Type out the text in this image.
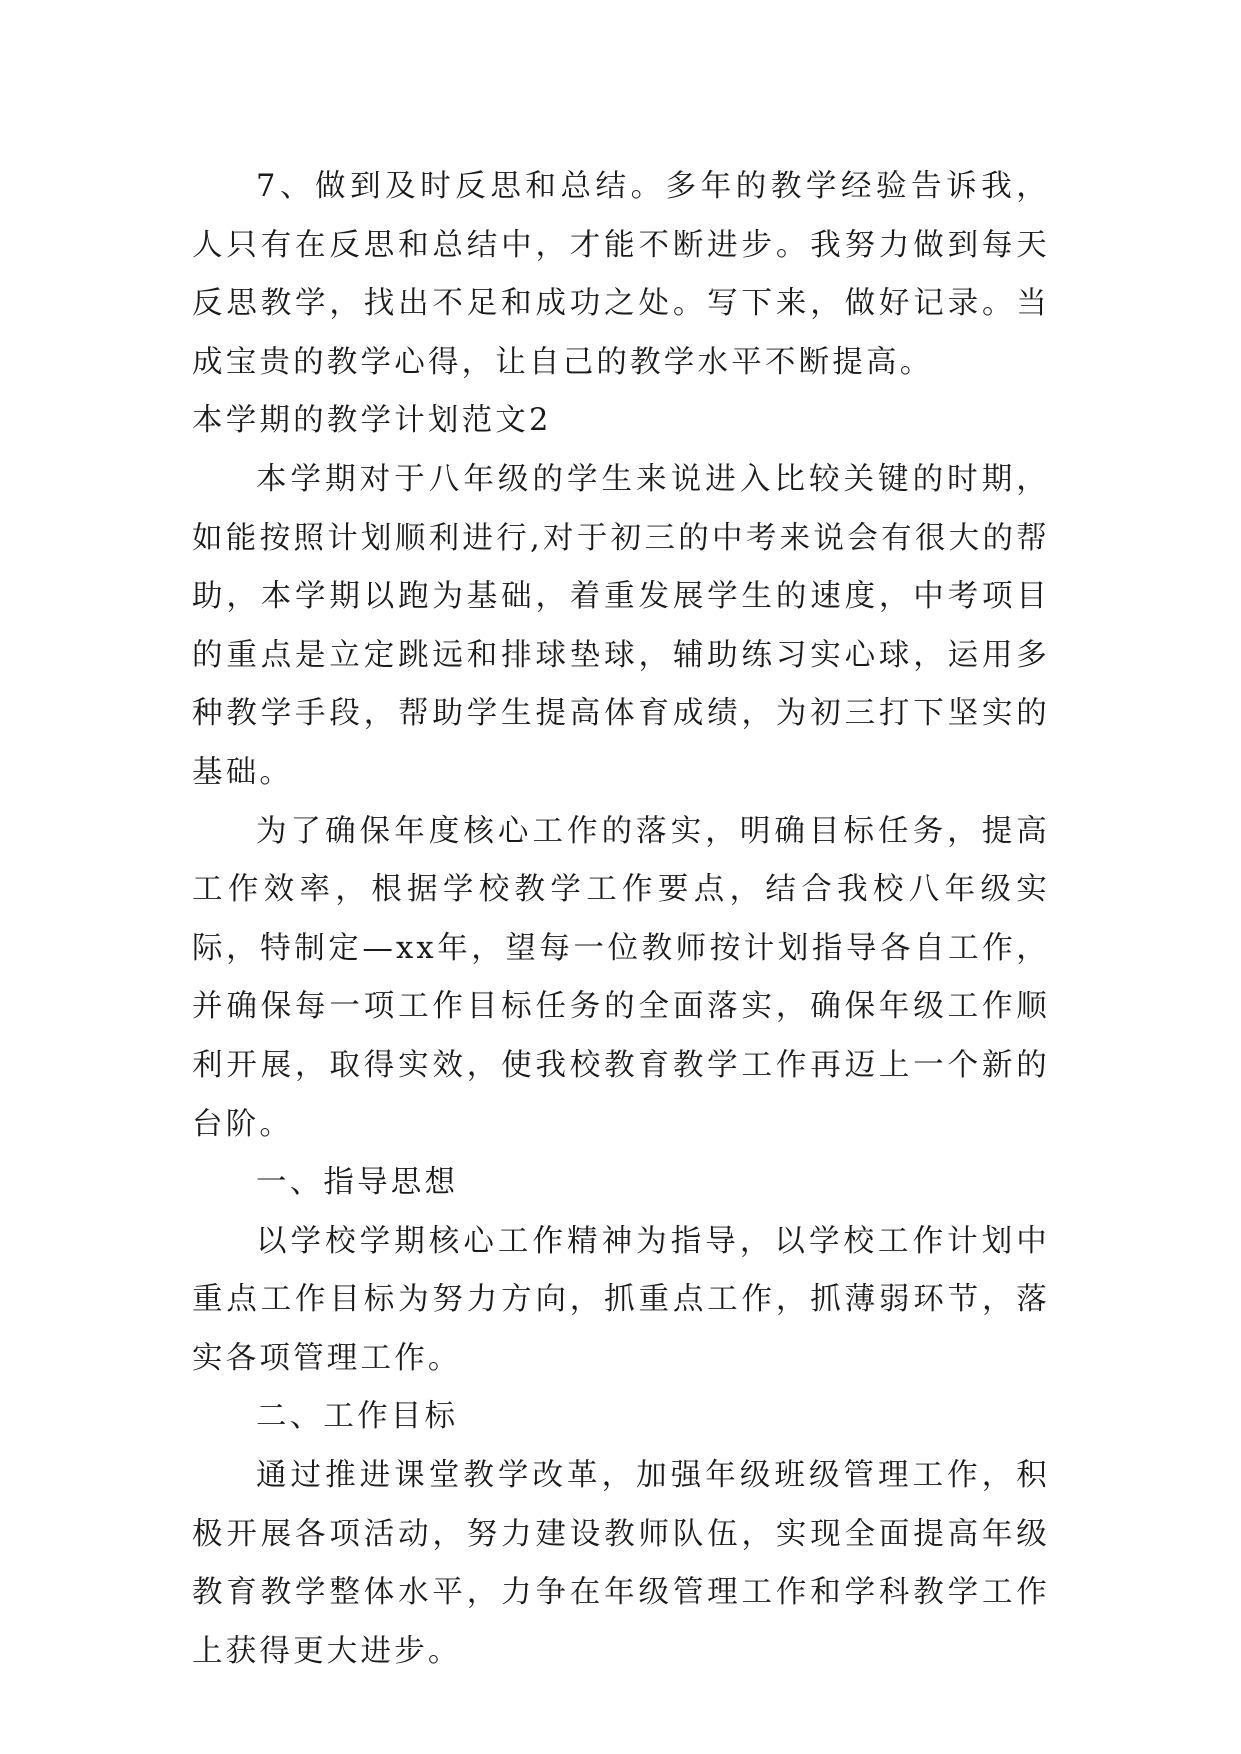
7、做到及时反思和总结。多年的教学经验告诉我，人只有在反思和总结中，才能不断进步。我努力做到每天反思教学，找出不足和成功之处。写下来，做好记录。当成宝贵的教学心得，让自己的教学水平不断提高。

本学期的教学计划范文2

本学期对于八年级的学生来说进入比较关键的时期，如能按照计划顺利进行,对于初三的中考来说会有很大的帮助，本学期以跑为基础，着重发展学生的速度，中考项目的重点是立定跳远和排球垫球，辅助练习实心球，运用多种教学手段，帮助学生提高体育成绩，为初三打下坚实的基础。

为了确保年度核心工作的落实，明确目标任务，提高工作效率，根据学校教学工作要点，结合我校八年级实际，特制定—xx年，望每一位教师按计划指导各自工作，并确保每一项工作目标任务的全面落实，确保年级工作顺利开展，取得实效，使我校教育教学工作再迈上一个新的台阶。

一、指导思想

以学校学期核心工作精神为指导，以学校工作计划中重点工作目标为努力方向，抓重点工作，抓薄弱环节，落实各项管理工作。

二、工作目标

通过推进课堂教学改革，加强年级班级管理工作，积极开展各项活动，努力建设教师队伍，实现全面提高年级教育教学整体水平，力争在年级管理工作和学科教学工作上获得更大进步。
